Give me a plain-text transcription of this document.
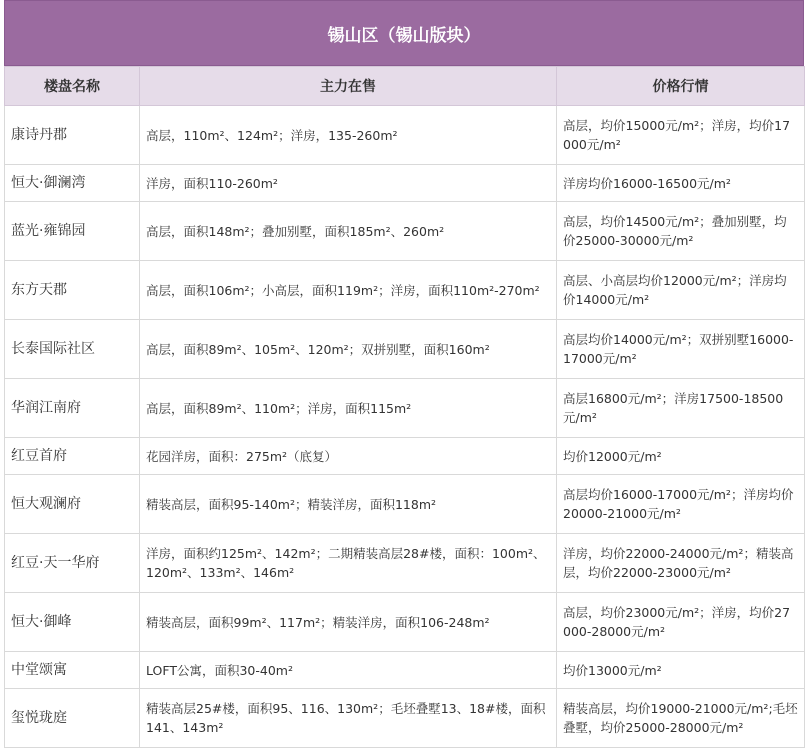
锡山区（锡山版块）
楼盘名称	主力在售	价格行情
康诗丹郡	高层，110m²、124m²；洋房，135-260m²	高层，均价15000元/m²；洋房，均价17000元/m²
恒大·御澜湾	洋房，面积110-260m²	洋房均价16000-16500元/m²
蓝光·雍锦园	高层，面积148m²；叠加别墅，面积185m²、260m²	高层，均价14500元/m²；叠加别墅，均价25000-30000元/m²
东方天郡	高层，面积106m²；小高层，面积119m²；洋房，面积110m²-270m²	高层、小高层均价12000元/m²；洋房均价14000元/m²
长泰国际社区	高层，面积89m²、105m²、120m²；双拼别墅，面积160m²	高层均价14000元/m²；双拼别墅16000-17000元/m²
华润江南府	高层，面积89m²、110m²；洋房，面积115m²	高层16800元/m²；洋房17500-18500元/m²
红豆首府	花园洋房，面积：275m²（底复）	均价12000元/m²
恒大观澜府	精装高层，面积95-140m²；精装洋房，面积118m²	高层均价16000-17000元/m²；洋房均价20000-21000元/m²
红豆·天一华府	洋房，面积约125m²、142m²；二期精装高层28#楼，面积：100m²、120m²、133m²、146m²	洋房，均价22000-24000元/m²；精装高层，均价22000-23000元/m²
恒大·御峰	精装高层，面积99m²、117m²；精装洋房，面积106-248m²	高层，均价23000元/m²；洋房，均价27000-28000元/m²
中堂颂寓	LOFT公寓，面积30-40m²	均价13000元/m²
玺悦珑庭	精装高层25#楼，面积95、116、130m²；毛坯叠墅13、18#楼，面积141、143m²	精装高层，均价19000-21000元/m²;毛坯叠墅，均价25000-28000元/m²
